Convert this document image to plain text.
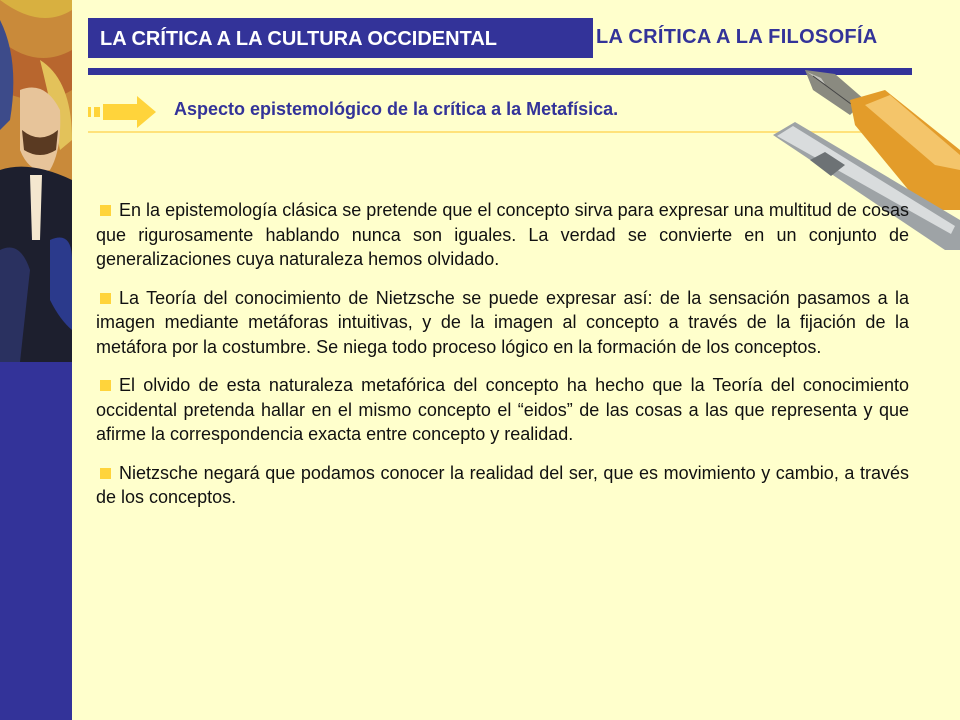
LA CRÍTICA A LA CULTURA OCCIDENTAL	LA CRÍTICA A LA FILOSOFÍA
Aspecto epistemológico de la crítica a la Metafísica.

En la epistemología clásica se pretende que el concepto sirva para expresar una multitud de cosas que rigurosamente hablando nunca son iguales. La verdad se convierte en un conjunto de generalizaciones cuya naturaleza hemos olvidado.

La Teoría del conocimiento de Nietzsche se puede expresar así: de la sensación pasamos a la imagen mediante metáforas intuitivas, y de la imagen al concepto a través de la fijación de la metáfora por la costumbre. Se niega todo proceso lógico en la formación de los conceptos.

El olvido de esta naturaleza metafórica del concepto ha hecho que la Teoría del conocimiento occidental pretenda hallar en el mismo concepto el “eidos” de las cosas a las que representa y que afirme la correspondencia exacta entre concepto y realidad.

Nietzsche negará que podamos conocer la realidad del ser, que es movimiento y cambio, a través de los conceptos.
